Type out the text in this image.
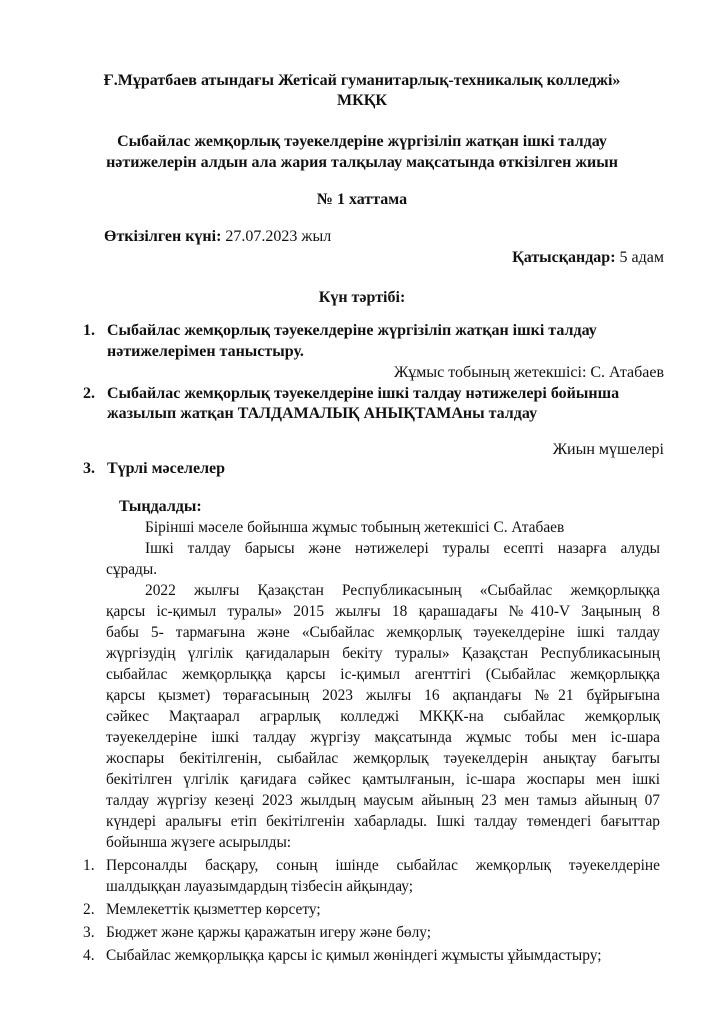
Ғ.Мұратбаев атындағы Жетісай гуманитарлық-техникалық колледжі»
МКҚК
Сыбайлас жемқорлық тәуекелдеріне жүргізіліп жатқан ішкі талдау
нәтижелерін алдын ала жария талқылау мақсатында өткізілген жиын
№ 1 хаттама
Өткізілген күні: 27.07.2023 жыл
Қатысқандар: 5 адам
Күн тәртібі:
1. Сыбайлас жемқорлық тәуекелдеріне жүргізіліп жатқан ішкі талдау
нәтижелерімен таныстыру.
Жұмыс тобының жетекшісі: С. Атабаев
2. Сыбайлас жемқорлық тәуекелдеріне ішкі талдау нәтижелері бойынша
жазылып жатқан ТАЛДАМАЛЫҚ АНЫҚТАМАны талдау
Жиын мүшелері
3. Түрлі мәселелер
Тыңдалды:
Бірінші мәселе бойынша жұмыс тобының жетекшісі С. Атабаев
Ішкі талдау барысы және нәтижелері туралы есепті назарға алуды
сұрады.
2022 жылғы Қазақстан Республикасының «Сыбайлас жемқорлыққа
қарсы іс-қимыл туралы» 2015 жылғы 18 қарашадағы №410-V Заңының 8
бабы 5- тармағына және «Сыбайлас жемқорлық тәуекелдеріне ішкі талдау
жүргізудің үлгілік қағидаларын бекіту туралы» Қазақстан Республикасының
сыбайлас жемқорлыққа қарсы іс-қимыл агенттігі (Сыбайлас жемқорлыққа
қарсы қызмет) төрағасының 2023 жылғы 16 ақпандағы №21 бұйрығына
сәйкес Мақтаарал аграрлық колледжі МКҚК-на сыбайлас жемқорлық
тәуекелдеріне ішкі талдау жүргізу мақсатында жұмыс тобы мен іс-шара
жоспары бекітілгенін, сыбайлас жемқорлық тәуекелдерін анықтау бағыты
бекітілген үлгілік қағидаға сәйкес қамтылғанын, іс-шара жоспары мен ішкі
талдау жүргізу кезеңі 2023 жылдың маусым айының 23 мен тамыз айының 07
күндері аралығы етіп бекітілгенін хабарлады. Ішкі талдау төмендегі бағыттар
бойынша жүзеге асырылды:
1. Персоналды басқару, соның ішінде сыбайлас жемқорлық тәуекелдеріне
шалдыққан лауазымдардың тізбесін айқындау;
2. Мемлекеттік қызметтер көрсету;
3. Бюджет және қаржы қаражатын игеру және бөлу;
4. Сыбайлас жемқорлыққа қарсы іс қимыл жөніндегі жұмысты ұйымдастыру;
